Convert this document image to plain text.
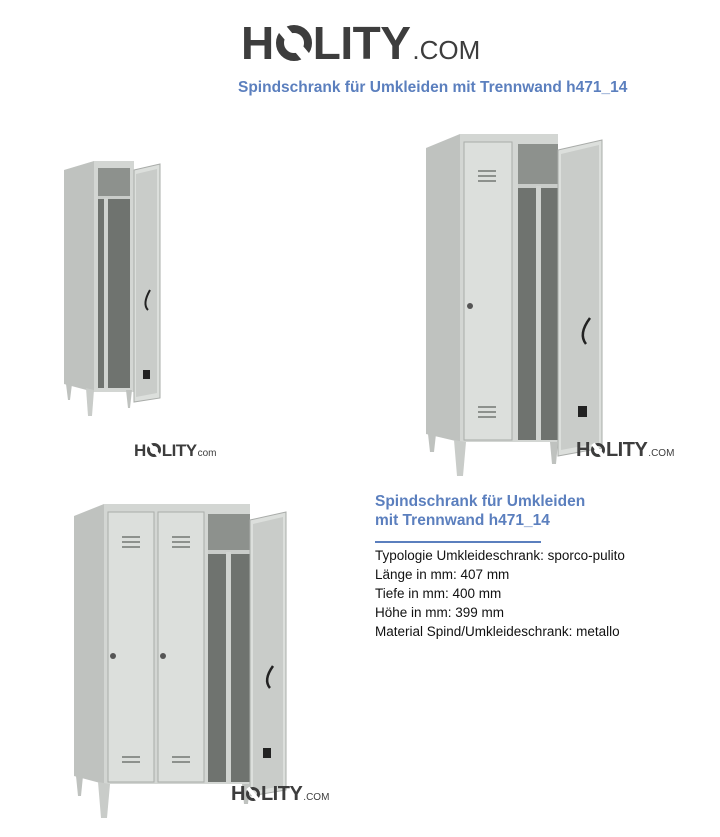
H LITY .COM
Spindschrank für Umkleiden mit Trennwand h471_14
H LITY com	H LITY .COM
H LITY .COM
Spindschrank für Umkleiden
mit Trennwand h471_14
Typologie Umkleideschrank: sporco-pulito
Länge in mm: 407 mm
Tiefe in mm: 400 mm
Höhe in mm: 399 mm
Material Spind/Umkleideschrank: metallo
